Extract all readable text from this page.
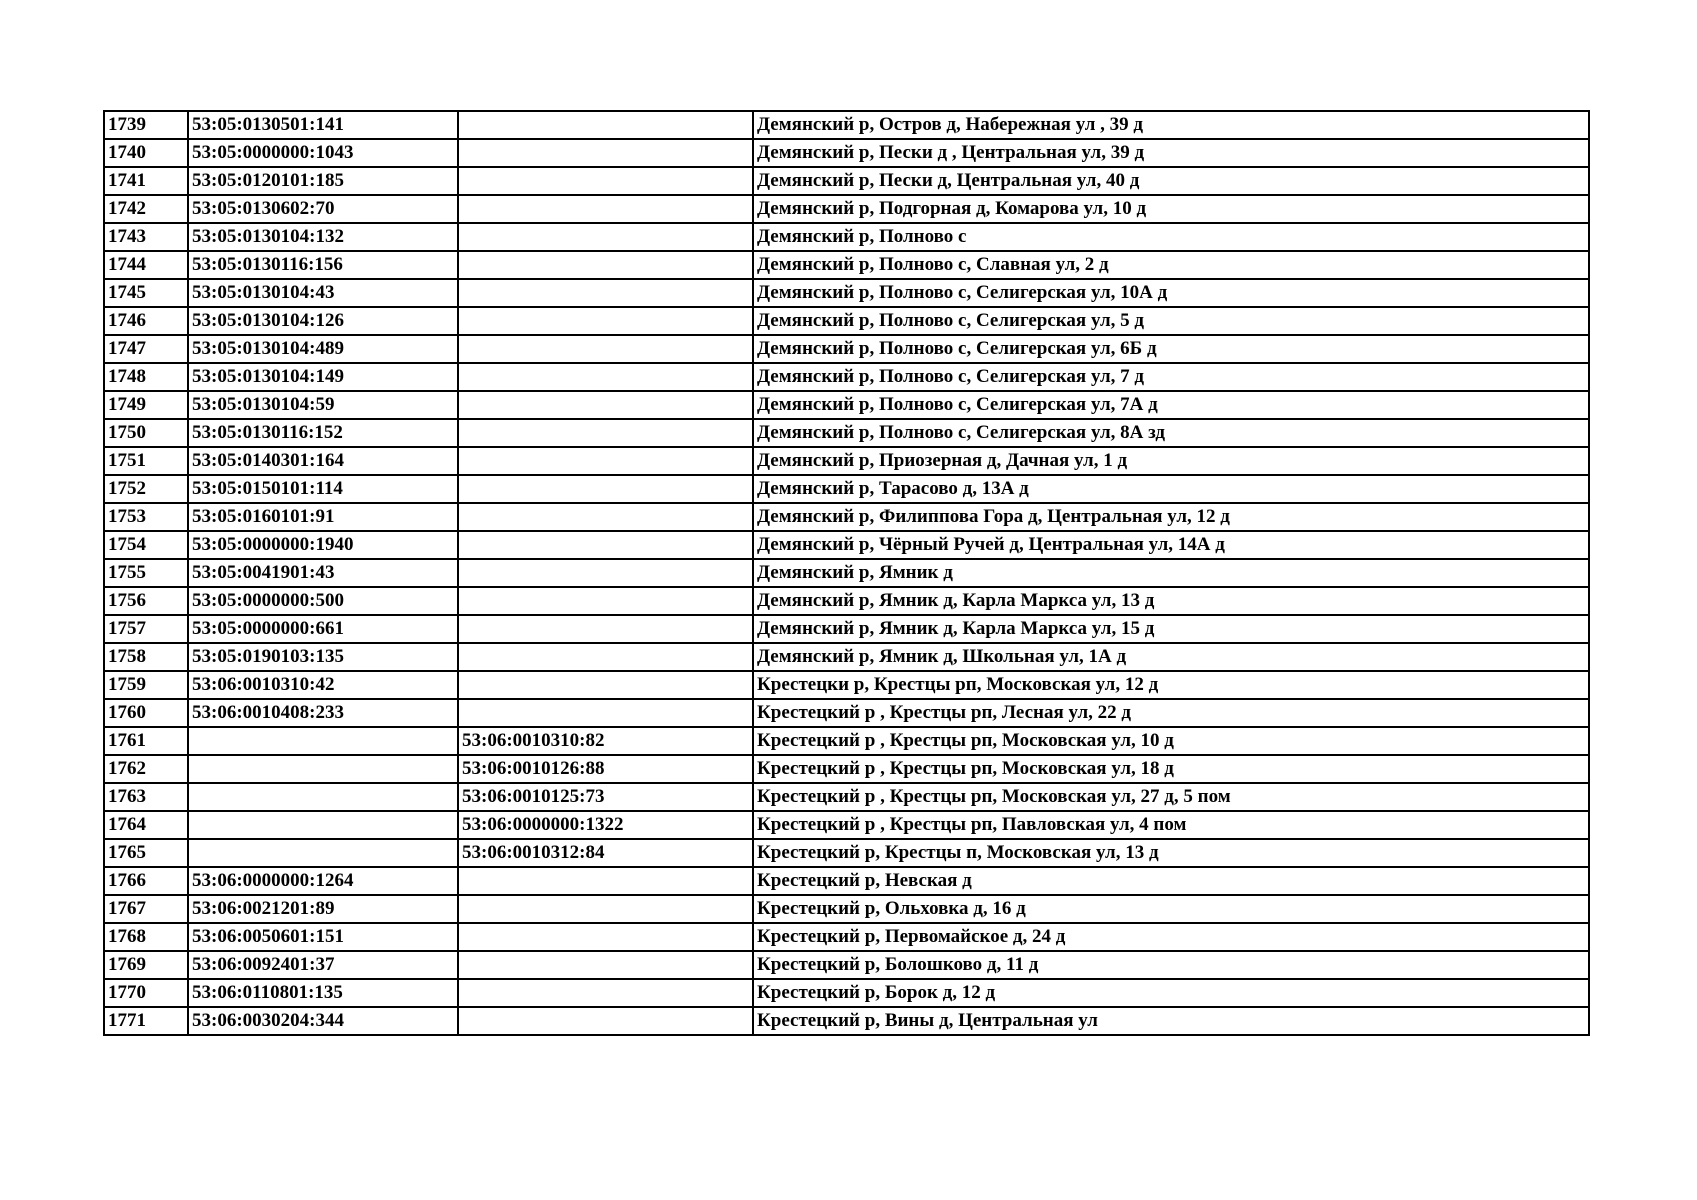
1739	53:05:0130501:141		Демянский р, Остров д, Набережная ул , 39 д
1740	53:05:0000000:1043		Демянский р, Пески д , Центральная ул, 39 д
1741	53:05:0120101:185		Демянский р, Пески д, Центральная ул, 40 д
1742	53:05:0130602:70		Демянский р, Подгорная д, Комарова ул, 10 д
1743	53:05:0130104:132		Демянский р, Полново с
1744	53:05:0130116:156		Демянский р, Полново с, Славная ул, 2 д
1745	53:05:0130104:43		Демянский р, Полново с, Селигерская ул, 10А д
1746	53:05:0130104:126		Демянский р, Полново с, Селигерская ул, 5 д
1747	53:05:0130104:489		Демянский р, Полново с, Селигерская ул, 6Б д
1748	53:05:0130104:149		Демянский р, Полново с, Селигерская ул, 7 д
1749	53:05:0130104:59		Демянский р, Полново с, Селигерская ул, 7А д
1750	53:05:0130116:152		Демянский р, Полново с, Селигерская ул, 8А зд
1751	53:05:0140301:164		Демянский р, Приозерная д, Дачная ул, 1 д
1752	53:05:0150101:114		Демянский р, Тарасово д, 13А д
1753	53:05:0160101:91		Демянский р, Филиппова Гора д, Центральная ул, 12 д
1754	53:05:0000000:1940		Демянский р, Чёрный Ручей д, Центральная ул, 14А д
1755	53:05:0041901:43		Демянский р, Ямник д
1756	53:05:0000000:500		Демянский р, Ямник д, Карла Маркса ул, 13 д
1757	53:05:0000000:661		Демянский р, Ямник д, Карла Маркса ул, 15 д
1758	53:05:0190103:135		Демянский р, Ямник д, Школьная ул, 1А д
1759	53:06:0010310:42		Крестецки р, Крестцы рп, Московская ул, 12 д
1760	53:06:0010408:233		Крестецкий р , Крестцы рп, Лесная ул, 22 д
1761		53:06:0010310:82	Крестецкий р , Крестцы рп, Московская ул, 10 д
1762		53:06:0010126:88	Крестецкий р , Крестцы рп, Московская ул, 18 д
1763		53:06:0010125:73	Крестецкий р , Крестцы рп, Московская ул, 27 д, 5 пом
1764		53:06:0000000:1322	Крестецкий р , Крестцы рп, Павловская ул, 4 пом
1765		53:06:0010312:84	Крестецкий р, Крестцы п, Московская ул, 13 д
1766	53:06:0000000:1264		Крестецкий р, Невская д
1767	53:06:0021201:89		Крестецкий р, Ольховка д, 16 д
1768	53:06:0050601:151		Крестецкий р, Первомайское д, 24 д
1769	53:06:0092401:37		Крестецкий р, Болошково д, 11 д
1770	53:06:0110801:135		Крестецкий р, Борок д, 12 д
1771	53:06:0030204:344		Крестецкий р, Вины д, Центральная ул
